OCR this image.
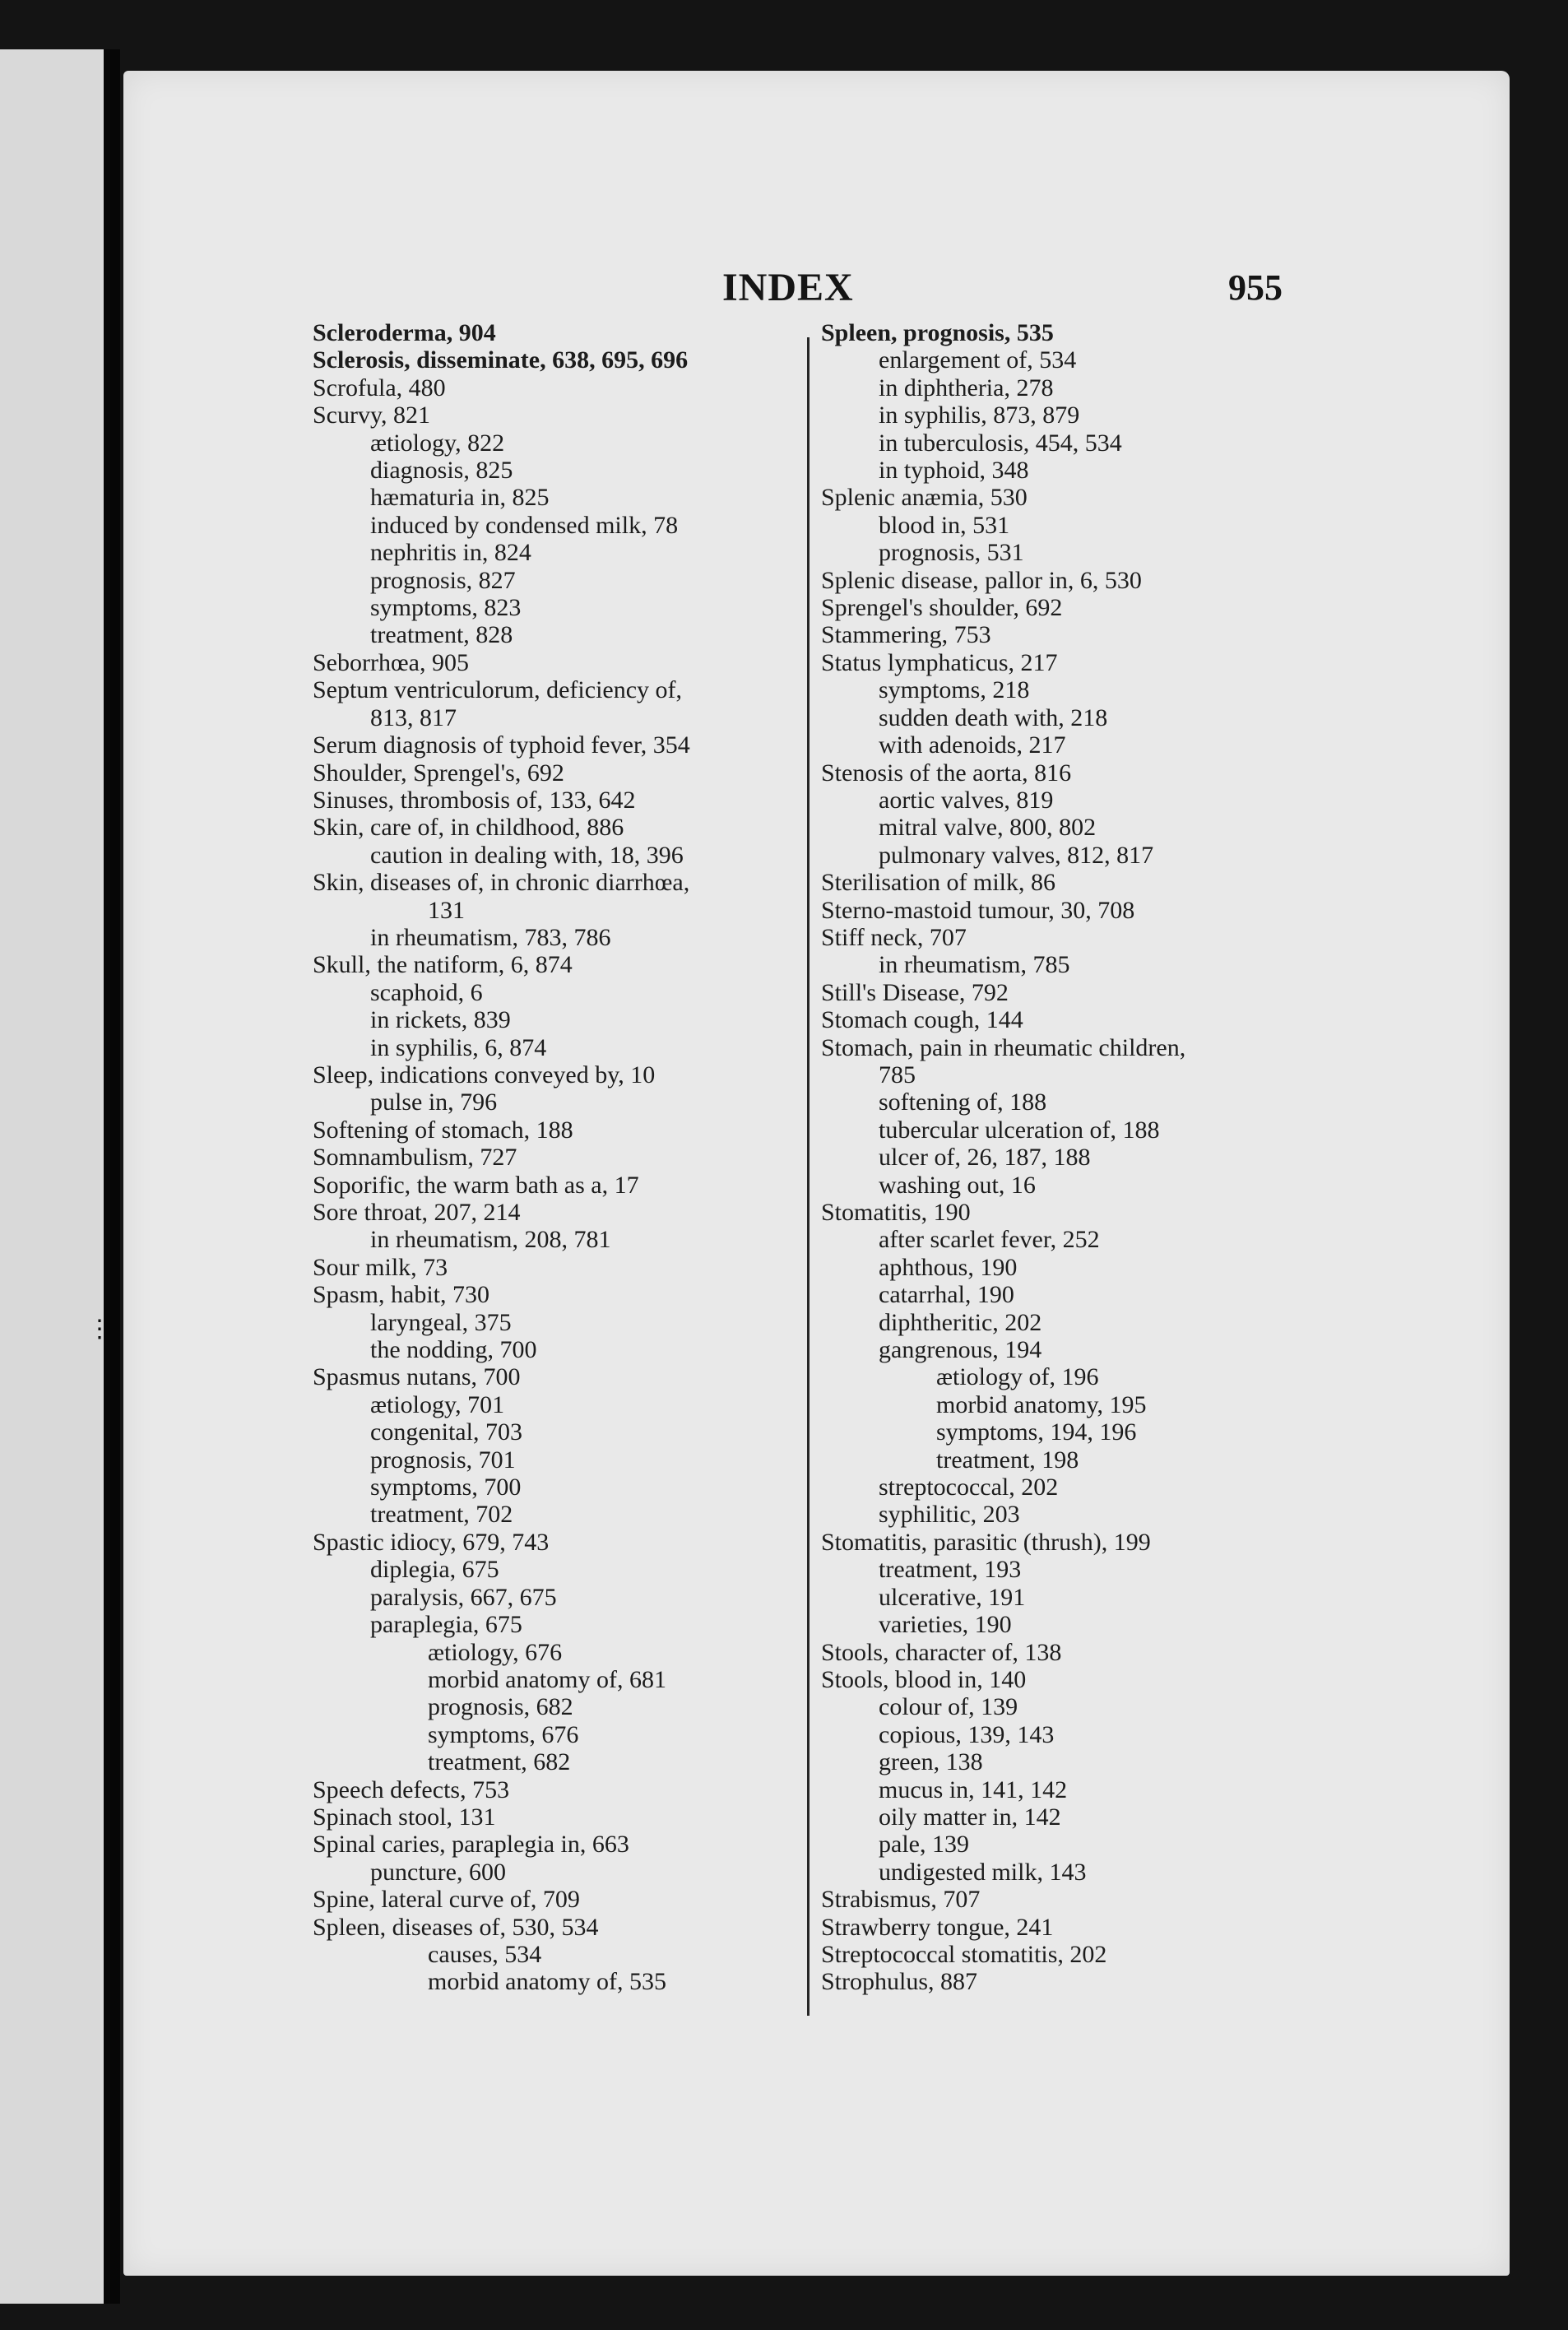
⋮
INDEX	955
Scleroderma, 904
Sclerosis, disseminate, 638, 695, 696
Scrofula, 480
Scurvy, 821
ætiology, 822
diagnosis, 825
hæmaturia in, 825
induced by condensed milk, 78
nephritis in, 824
prognosis, 827
symptoms, 823
treatment, 828
Seborrhœa, 905
Septum ventriculorum, deficiency of,
813, 817
Serum diagnosis of typhoid fever, 354
Shoulder, Sprengel's, 692
Sinuses, thrombosis of, 133, 642
Skin, care of, in childhood, 886
caution in dealing with, 18, 396
Skin, diseases of, in chronic diarrhœa,
131
in rheumatism, 783, 786
Skull, the natiform, 6, 874
scaphoid, 6
in rickets, 839
in syphilis, 6, 874
Sleep, indications conveyed by, 10
pulse in, 796
Softening of stomach, 188
Somnambulism, 727
Soporific, the warm bath as a, 17
Sore throat, 207, 214
in rheumatism, 208, 781
Sour milk, 73
Spasm, habit, 730
laryngeal, 375
the nodding, 700
Spasmus nutans, 700
ætiology, 701
congenital, 703
prognosis, 701
symptoms, 700
treatment, 702
Spastic idiocy, 679, 743
diplegia, 675
paralysis, 667, 675
paraplegia, 675
ætiology, 676
morbid anatomy of, 681
prognosis, 682
symptoms, 676
treatment, 682
Speech defects, 753
Spinach stool, 131
Spinal caries, paraplegia in, 663
puncture, 600
Spine, lateral curve of, 709
Spleen, diseases of, 530, 534
causes, 534
morbid anatomy of, 535
Spleen, prognosis, 535
enlargement of, 534
in diphtheria, 278
in syphilis, 873, 879
in tuberculosis, 454, 534
in typhoid, 348
Splenic anæmia, 530
blood in, 531
prognosis, 531
Splenic disease, pallor in, 6, 530
Sprengel's shoulder, 692
Stammering, 753
Status lymphaticus, 217
symptoms, 218
sudden death with, 218
with adenoids, 217
Stenosis of the aorta, 816
aortic valves, 819
mitral valve, 800, 802
pulmonary valves, 812, 817
Sterilisation of milk, 86
Sterno-mastoid tumour, 30, 708
Stiff neck, 707
in rheumatism, 785
Still's Disease, 792
Stomach cough, 144
Stomach, pain in rheumatic children,
785
softening of, 188
tubercular ulceration of, 188
ulcer of, 26, 187, 188
washing out, 16
Stomatitis, 190
after scarlet fever, 252
aphthous, 190
catarrhal, 190
diphtheritic, 202
gangrenous, 194
ætiology of, 196
morbid anatomy, 195
symptoms, 194, 196
treatment, 198
streptococcal, 202
syphilitic, 203
Stomatitis, parasitic (thrush), 199
treatment, 193
ulcerative, 191
varieties, 190
Stools, character of, 138
Stools, blood in, 140
colour of, 139
copious, 139, 143
green, 138
mucus in, 141, 142
oily matter in, 142
pale, 139
undigested milk, 143
Strabismus, 707
Strawberry tongue, 241
Streptococcal stomatitis, 202
Strophulus, 887
